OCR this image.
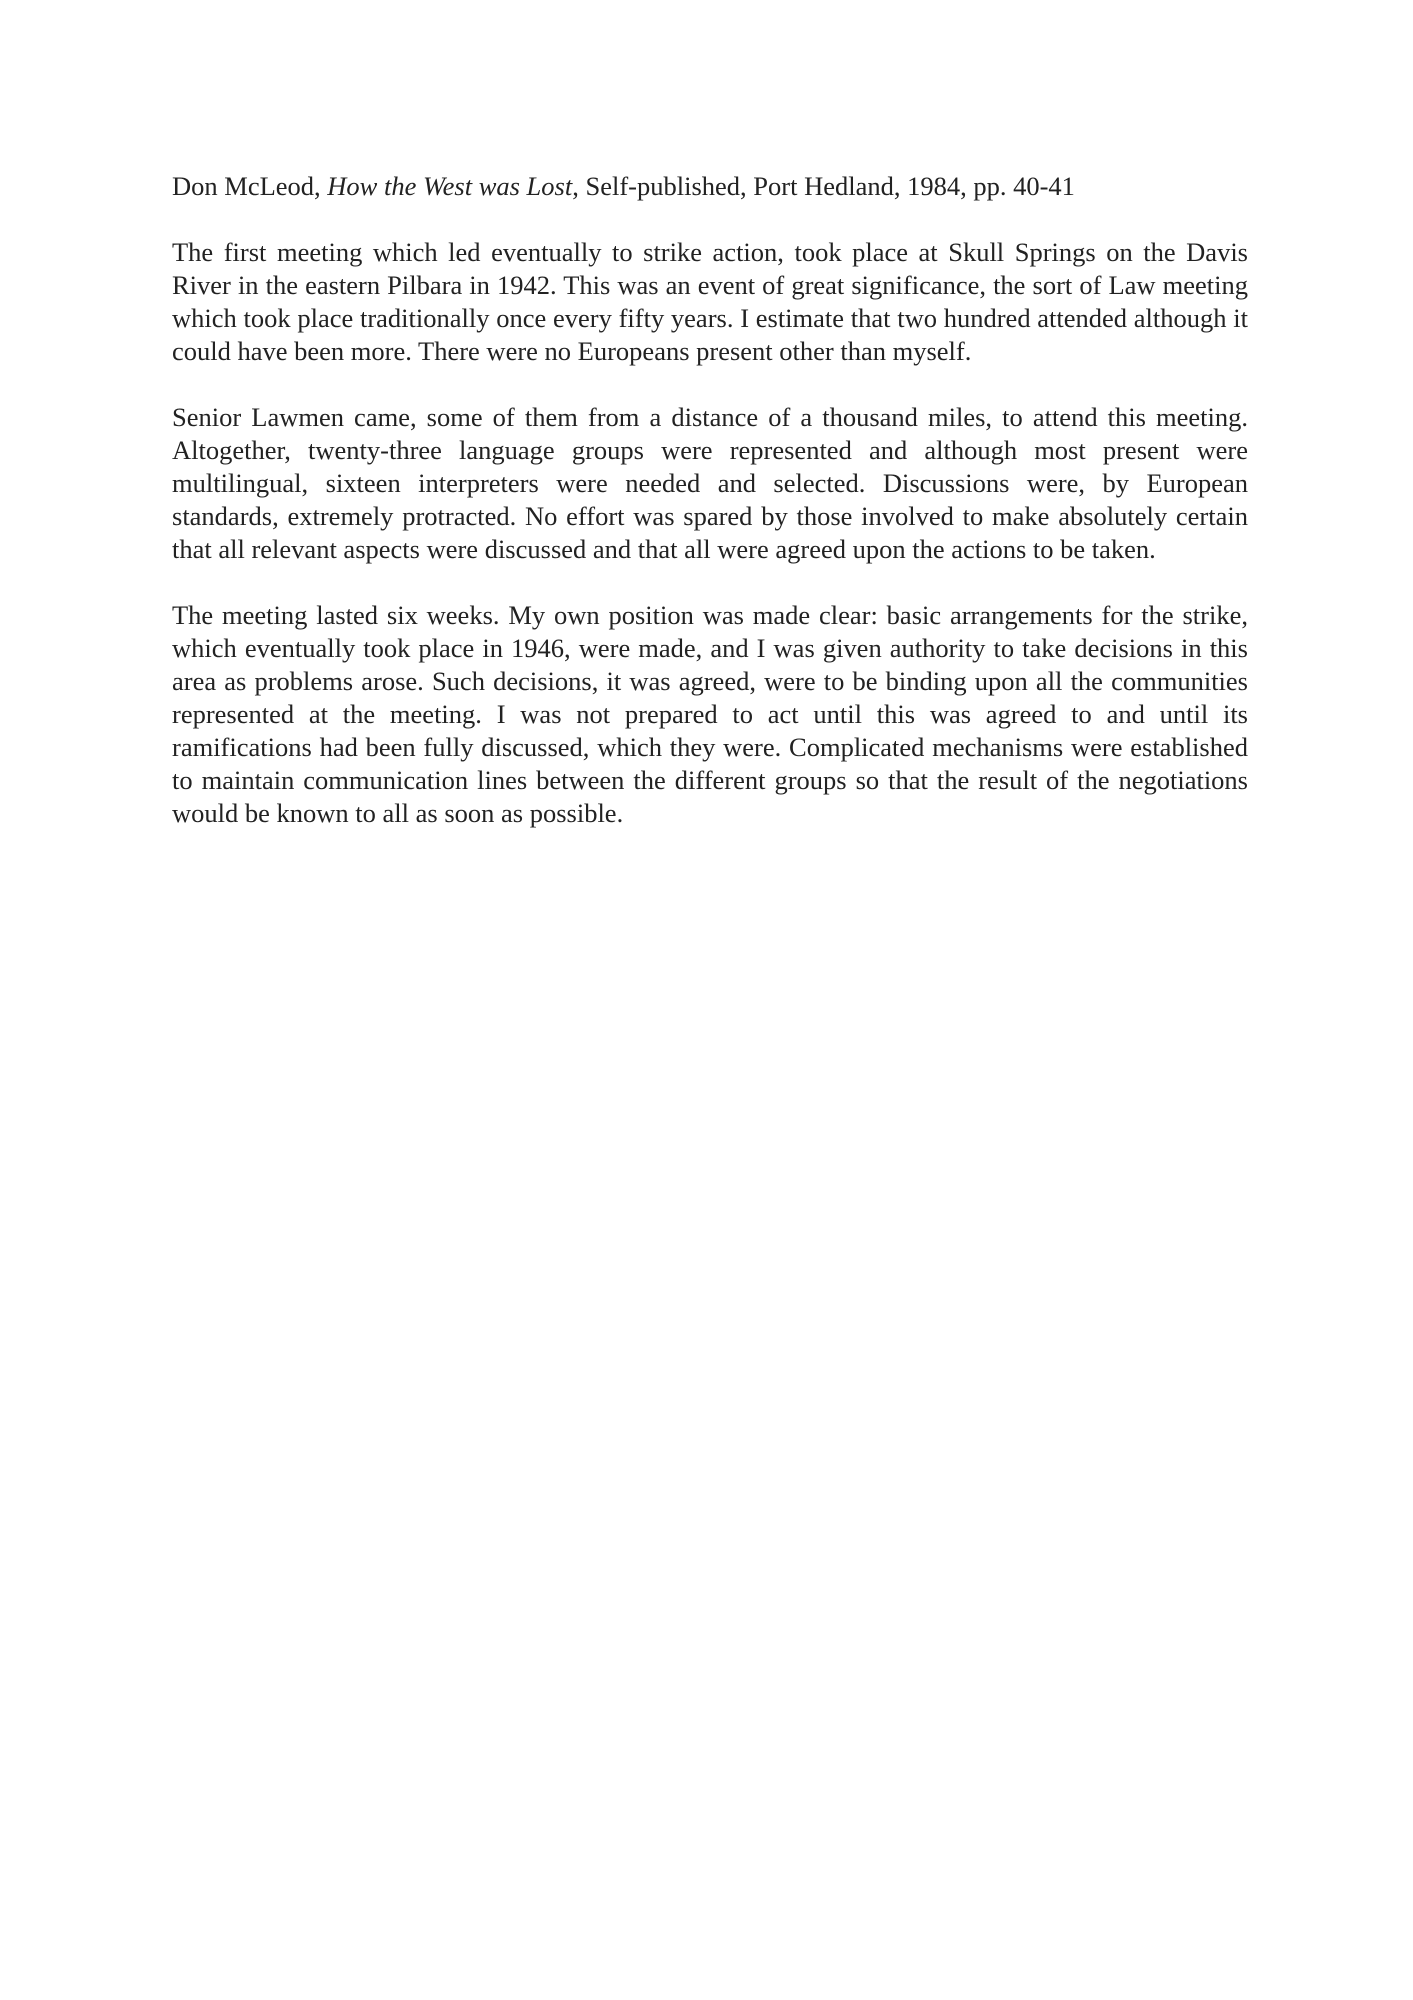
Don McLeod, How the West was Lost, Self-published, Port Hedland, 1984, pp. 40-41

The first meeting which led eventually to strike action, took place at Skull Springs on the Davis River in the eastern Pilbara in 1942. This was an event of great significance, the sort of Law meeting which took place traditionally once every fifty years. I estimate that two hundred attended although it could have been more. There were no Europeans present other than myself.

Senior Lawmen came, some of them from a distance of a thousand miles, to attend this meeting. Altogether, twenty-three language groups were represented and although most present were multilingual, sixteen interpreters were needed and selected. Discussions were, by European standards, extremely protracted. No effort was spared by those involved to make absolutely certain that all relevant aspects were discussed and that all were agreed upon the actions to be taken.

The meeting lasted six weeks. My own position was made clear: basic arrangements for the strike, which eventually took place in 1946, were made, and I was given authority to take decisions in this area as problems arose. Such decisions, it was agreed, were to be binding upon all the communities represented at the meeting. I was not prepared to act until this was agreed to and until its ramifications had been fully discussed, which they were. Complicated mechanisms were established to maintain communication lines between the different groups so that the result of the negotiations would be known to all as soon as possible.
